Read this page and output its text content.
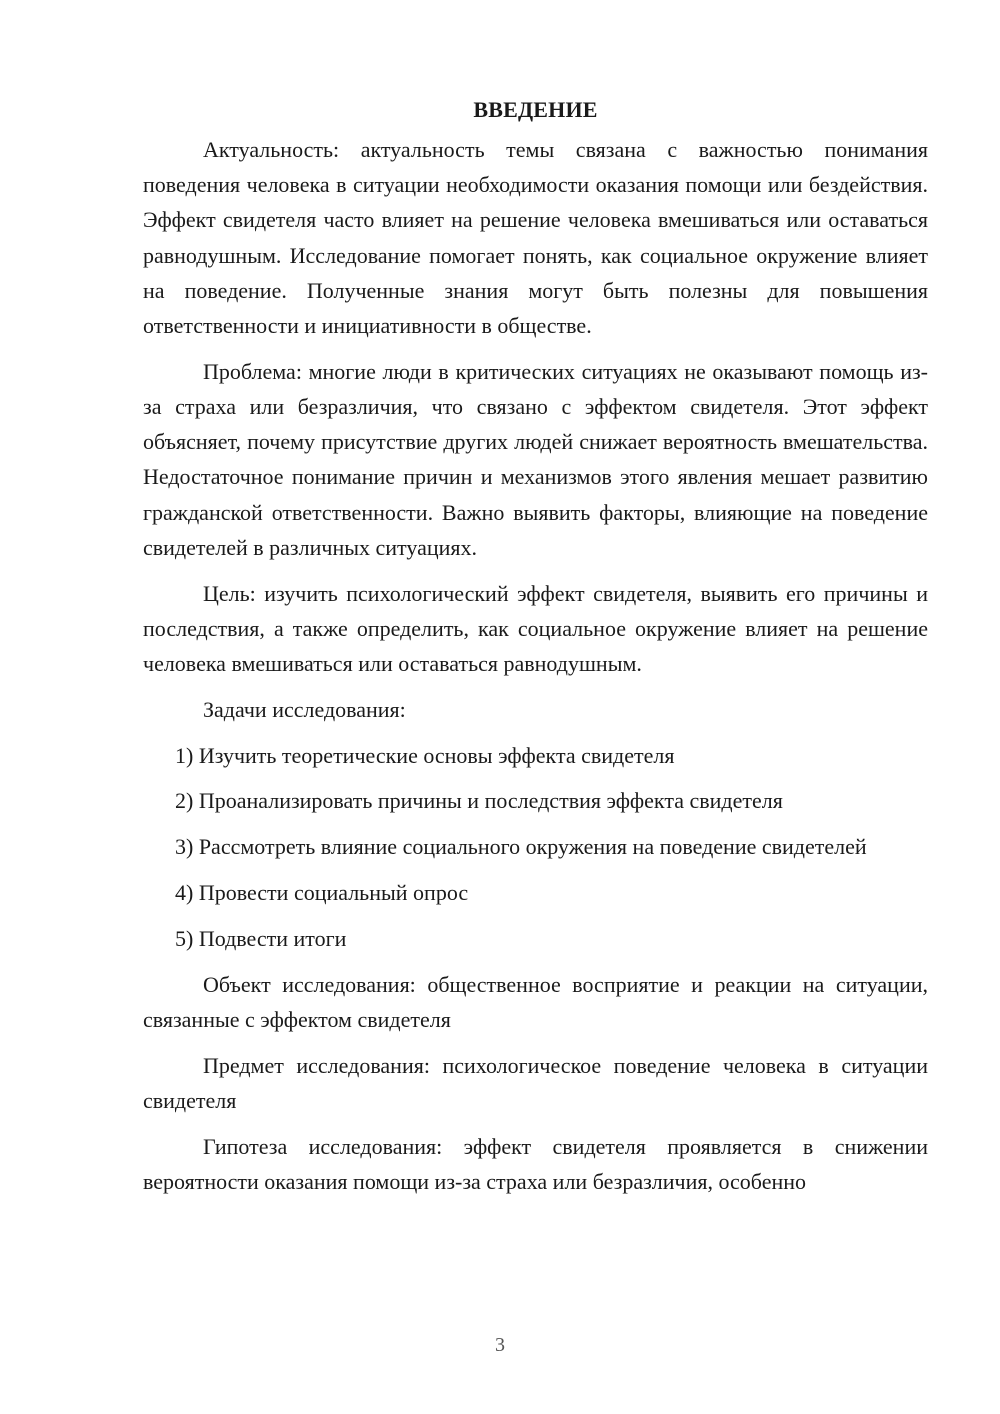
ВВЕДЕНИЕ

Актуальность: актуальность темы связана с важностью понимания поведения человека в ситуации необходимости оказания помощи или бездействия. Эффект свидетеля часто влияет на решение человека вмешиваться или оставаться равнодушным. Исследование помогает понять, как социальное окружение влияет на поведение. Полученные знания могут быть полезны для повышения ответственности и инициативности в обществе.

Проблема: многие люди в критических ситуациях не оказывают помощь из-за страха или безразличия, что связано с эффектом свидетеля. Этот эффект объясняет, почему присутствие других людей снижает вероятность вмешательства. Недостаточное понимание причин и механизмов этого явления мешает развитию гражданской ответственности. Важно выявить факторы, влияющие на поведение свидетелей в различных ситуациях.

Цель: изучить психологический эффект свидетеля, выявить его причины и последствия, а также определить, как социальное окружение влияет на решение человека вмешиваться или оставаться равнодушным.

Задачи исследования:

1) Изучить теоретические основы эффекта свидетеля

2) Проанализировать причины и последствия эффекта свидетеля

3) Рассмотреть влияние социального окружения на поведение свидетелей

4) Провести социальный опрос

5) Подвести итоги

Объект исследования: общественное восприятие и реакции на ситуации, связанные с эффектом свидетеля

Предмет исследования: психологическое поведение человека в ситуации свидетеля

Гипотеза исследования: эффект свидетеля проявляется в снижении вероятности оказания помощи из-за страха или безразличия, особенно

3
